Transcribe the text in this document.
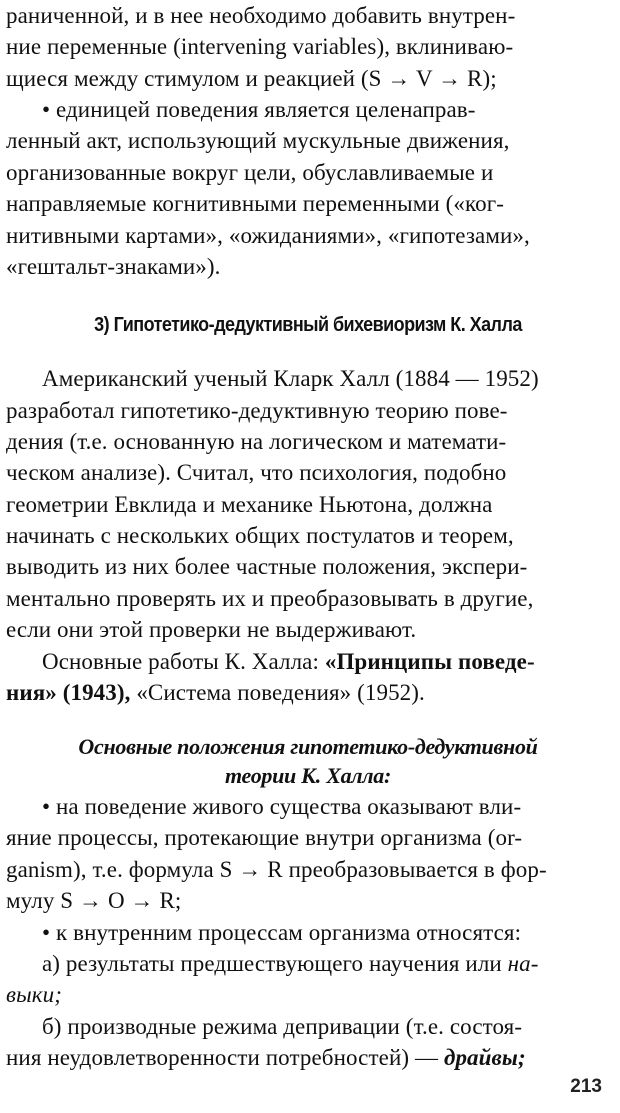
раниченной, и в нее необходимо добавить внутрен-
ние переменные (intervening variables), вклинивaю-
щиеся между стимулом и реакцией (S → V → R);
• единицей поведения является целенаправ-
ленный акт, использующий мускульные движения,
организованные вокруг цели, обуславливаемые и
направляемые когнитивными переменными («ког-
нитивными картами», «ожиданиями», «гипотезами»,
«гештальт-знаками»).
3) Гипотетико-дедуктивный бихевиоризм К. Халла
Американский ученый Кларк Халл (1884 — 1952)
разработал гипотетико-дедуктивную теорию пове-
дения (т.е. основанную на логическом и математи-
ческом анализе). Считал, что психология, подобно
геометрии Евклида и механике Ньютона, должна
начинать с нескольких общих постулатов и теорем,
выводить из них более частные положения, экспери-
ментально проверять их и преобразовывать в другие,
если они этой проверки не выдерживают.
Основные работы К. Халла: «Принципы поведе-
ния» (1943), «Система поведения» (1952).
Основные положения гипотетико-дедуктивной
теории К. Халла:
• на поведение живого существа оказывают вли-
яние процессы, протекающие внутри организма (or-
ganism), т.е. формула S → R преобразовывается в фор-
мулу S → O → R;
• к внутренним процессам организма относятся:
а) результаты предшествующего научения или на-
выки;
б) производные режима депривации (т.е. состоя-
ния неудовлетворенности потребностей) — драйвы;
213
